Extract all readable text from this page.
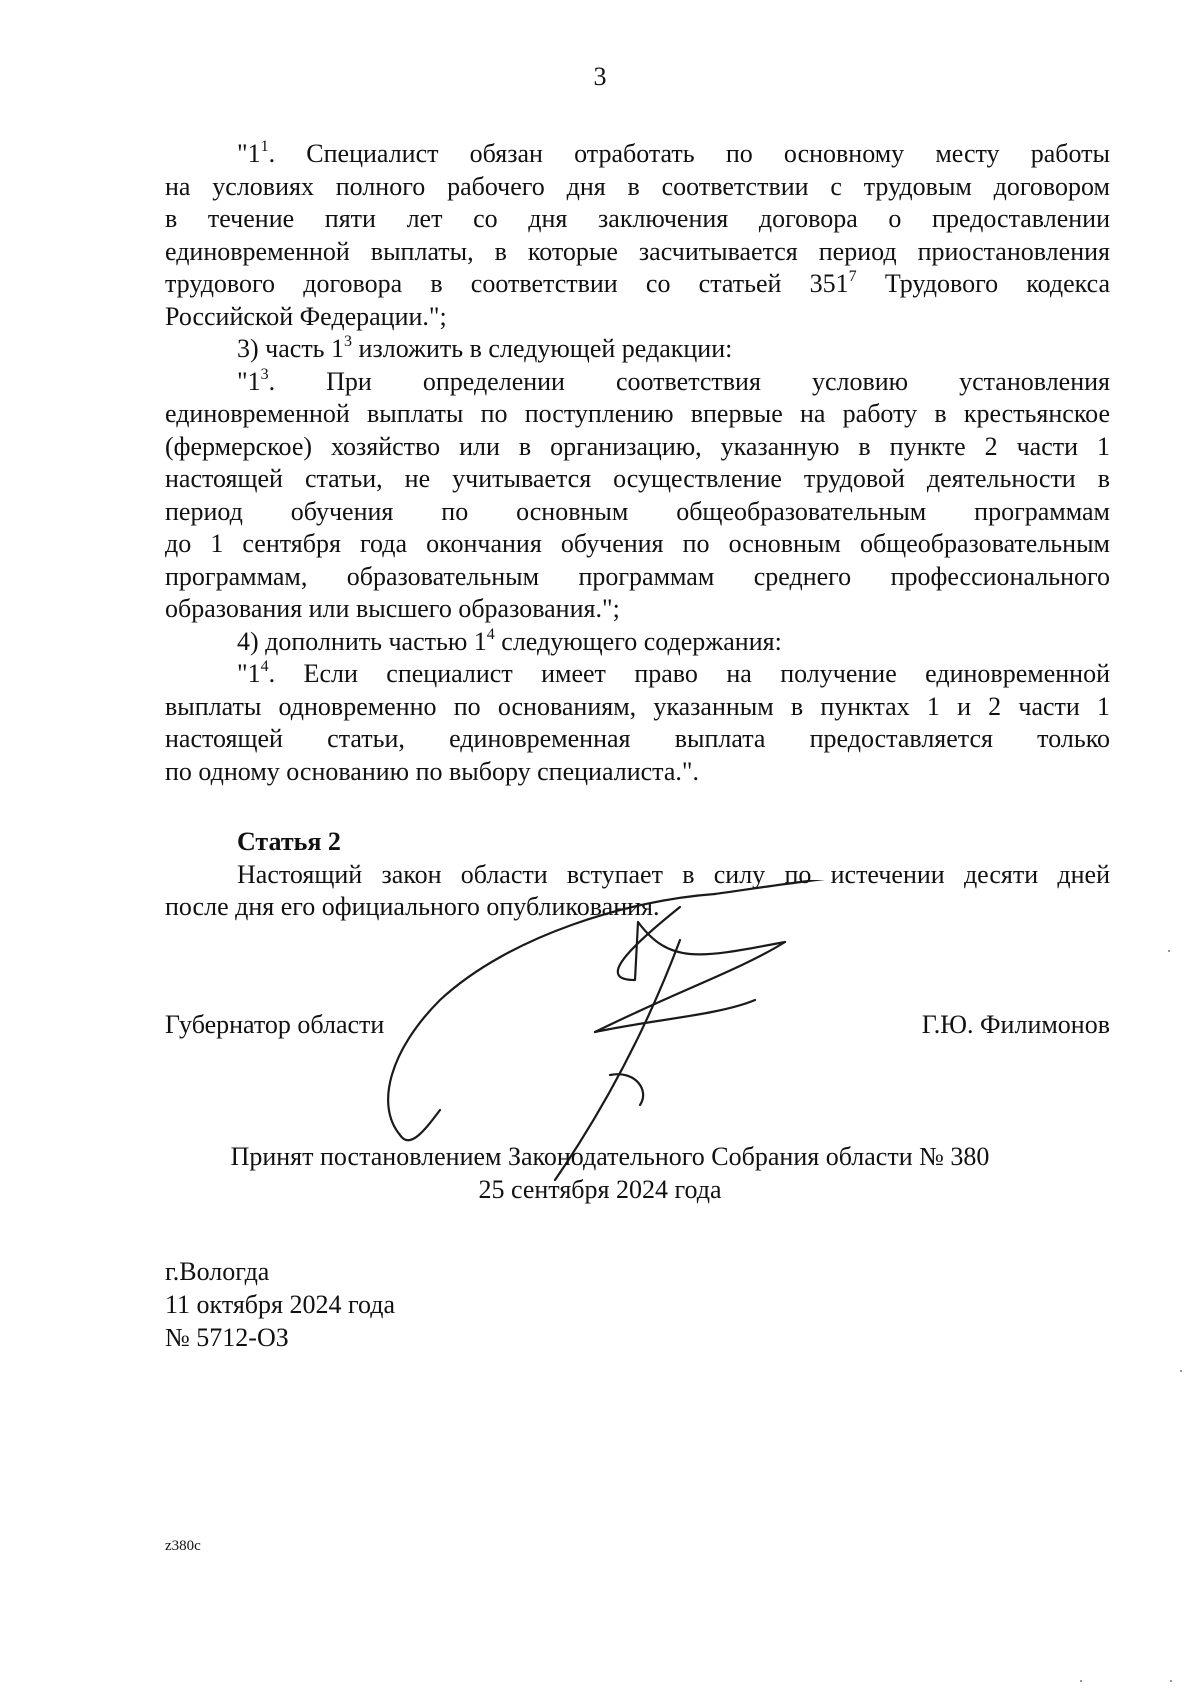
3
"$1^1$. Специалист обязан отработать по основному месту работы
на условиях полного рабочего дня в соответствии с трудовым договором
в течение пяти лет со дня заключения договора о предоставлении
единовременной выплаты, в которые засчитывается период приостановления
трудового договора в соответствии со статьей $351^7$ Трудового кодекса
Российской Федерации.";
3) часть $1^3$ изложить в следующей редакции:
"$1^3$. При определении соответствия условию установления
единовременной выплаты по поступлению впервые на работу в крестьянское
(фермерское) хозяйство или в организацию, указанную в пункте 2 части 1
настоящей статьи, не учитывается осуществление трудовой деятельности в
период обучения по основным общеобразовательным программам
до 1 сентября года окончания обучения по основным общеобразовательным
программам, образовательным программам среднего профессионального
образования или высшего образования.";
4) дополнить частью $1^4$ следующего содержания:
"$1^4$. Если специалист имеет право на получение единовременной
выплаты одновременно по основаниям, указанным в пунктах 1 и 2 части 1
настоящей статьи, единовременная выплата предоставляется только
по одному основанию по выбору специалиста.".
Статья 2
Настоящий закон области вступает в силу по истечении десяти дней
после дня его официального опубликования.
Губернатор области	Г.Ю. Филимонов
Принят постановлением Законодательного Собрания области № 380
25 сентября 2024 года
г.Вологда
11 октября 2024 года
№ 5712-ОЗ
z380c
